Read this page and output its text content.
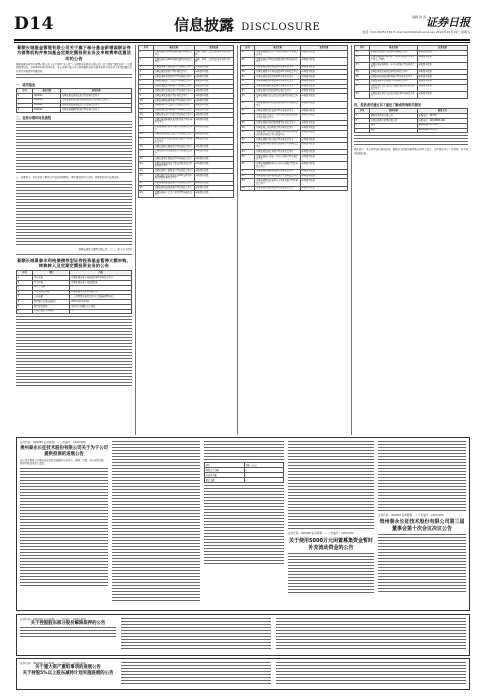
D14	信息披露 DISCLOSURE
编辑 孙 涛 证券日报
电话: 010-83251716 E-mail:zqrb9@zqrb.sina.net 2022年10月14日 星期五
景顺长城基金管理有限公司关于旗下部分基金新增国联证券为销售机构并参加基金定期定额投资业务及申购费率优惠活动的公告
根据景顺长城基金管理有限公司（以下简称“本公司”）与国联证券股份有限公司（以下简称“国联证券”）签署的销售协议，自2022年10月14日起，本公司旗下部分基金新增国联证券为销售机构并参加基金定期定额投资业务及申购费率优惠活动。
一、适用基金
序号	基金代码	基金名称
1	000000	景顺长城品质成长混合型证券投资基金
2	000000	景顺长城价值边际灵活配置混合型证券投资基金
3	000000	景顺长城优质成长股票型证券投资基金
4	000000	景顺长城稳健回报混合型证券投资基金
二、业务办理时间及流程
三、重要提示：投资者欲了解基金产品的详细情况，请仔细阅读基金合同、招募说明书等法律文件。
景顺长城基金管理有限公司 二〇二二年十月十四日
景顺长城景泰丰利纯债债券型证券投资基金暂停大额申购、转换转入及定期定额投资业务的公告
序号	项目	内容
1	基金名称	景顺长城景泰丰利纯债债券型证券投资基金
2	基金简称	景顺长城景泰丰利纯债债券
3	基金主代码	—
4	基金管理人名称	景顺长城基金管理有限公司
5	公告依据	《公开募集证券投资基金信息披露管理办法》
6	暂停相关业务的起始日	2022年10月14日
7	暂停原因说明	保护基金份额持有人利益
8	其他需要提示的事项	—
序号	基金名称	业务安排
1	景顺长城沪深300指数增强型证券投资基金	申购、赎回、定投及转换业务正常办理
2	景顺长城中证500指数增强型证券投资基金	申购、赎回、定投及转换业务正常办理
3	景顺长城新兴成长混合型证券投资基金	申购费率优惠
4	景顺长城鼎益混合型证券投资基金	申购费率优惠
5	景顺长城环保优势股票型证券投资基金	申购费率优惠
6	景顺长城成长之星股票型证券投资基金	申购费率优惠
7	景顺长城能源基建混合型证券投资基金	申购费率优惠
8	景顺长城内需增长混合型证券投资基金	申购费率优惠
9	景顺长城优选混合型证券投资基金	申购费率优惠
10	景顺长城精选蓝筹混合型证券投资基金	申购费率优惠
11	景顺长城中小盘混合型证券投资基金	申购费率优惠
12	景顺长城资源垄断混合型证券投资基金	申购费率优惠
13	景顺长城支柱产业混合型证券投资基金	申购费率优惠
14	景顺长城策略精选灵活配置混合型证券投资基金	申购费率优惠
15	景顺长城核心竞争力混合型证券投资基金	申购费率优惠
16	景顺长城品质投资混合型证券投资基金	申购费率优惠
17	景顺长城中国回报灵活配置混合型证券投资基金	申购费率优惠
18	景顺长城研究精选股票型证券投资基金	申购费率优惠
19	景顺长城沪港深精选股票型证券投资基金	申购费率优惠
20	景顺长城量化精选股票型证券投资基金	申购费率优惠
21	景顺长城低碳科技主题灵活配置混合型证券投资基金	申购费率优惠
22	景顺长城医疗健康混合型证券投资基金	申购费率优惠
23	景顺长城中证红利低波动100交易型开放式指数证券投资基金	申购费率优惠
24	景顺长城创新成长混合型证券投资基金	申购费率优惠
25	景顺长城科技创新混合型证券投资基金	申购费率优惠
26	景顺长城电子信息产业股票型证券投资基金	申购费率优惠
序号	基金名称	业务安排
27	景顺长城成长龙头一年持有期混合型证券投资基金	申购费率优惠
28	景顺长城安享回报灵活配置混合型证券投资基金	申购费率优惠
29	景顺长城景颐双利债券型证券投资基金	申购费率优惠
30	景顺长城四季金利纯债债券型证券投资基金	申购费率优惠
31	景顺长城景盛双息债券型证券投资基金	申购费率优惠
32	景顺长城稳定收益债券型证券投资基金	申购费率优惠
33	景顺长城景颐宏利债券型证券投资基金	申购费率优惠
34	景顺长城中短债债券型证券投资基金	申购费率优惠
35	景顺长城鑫月薪定期支付债券型证券投资基金	申购费率优惠
36	景顺长城泰安回报灵活配置混合型证券投资基金	申购费率优惠
37	景顺长城绩优成长混合型证券投资基金	申购费率优惠
38	景顺长城价值稳进三年定期开放灵活配置混合型证券投资基金	申购费率优惠
39	景顺长城创业板指数增强型证券投资基金	申购费率优惠
40	景顺长城公司治理混合型证券投资基金	申购费率优惠
41	景顺长城中证科技传媒通信150交易型开放式指数证券投资基金联接基金	申购费率优惠
42	景顺长城数字经济混合型证券投资基金	申购费率优惠
43	景顺长城专精特新量化优选股票型证券投资基金	申购费率优惠
44	景顺长城品质长青混合型证券投资基金	申购费率优惠
45	景顺长城核心优选一年持有期混合型证券投资基金	申购费率优惠
46	景顺长城稳健增利六个月持有期混合型证券投资基金	申购费率优惠
47	景顺长城景泰纯利债券型证券投资基金	申购费率优惠
48	景顺长城景瑞睿利回报混合型证券投资基金	申购费率优惠
49	景顺长城集英成长两年定期开放混合型证券投资基金	申购费率优惠
50	景顺长城景瑞双利债券型证券投资基金	申购费率优惠
序号	基金名称	业务安排
51	景顺长城景颐丰利债券型证券投资基金	申购费率优惠
52	景顺长城稳健养老目标三年持有期混合型基金中基金（FOF）	申购费率优惠
53	景顺长城安鑫回报一年持有期混合型证券投资基金	申购费率优惠
54	景顺长城双息收益债券型证券投资基金	申购费率优惠
55	景顺长城睿成灵活配置混合型证券投资基金	申购费率优惠
56	景顺长城竞争优势混合型证券投资基金	申购费率优惠
57	景顺长城中证沪港深红利成长低波动指数证券投资基金	申购费率优惠
58	景顺长城景泰汇利定期开放债券型证券投资基金	申购费率优惠
四、投资者可通过以下途径了解或咨询相关情况
序号	机构名称	联系方式
1	国联证券股份有限公司	客服电话：95570
2	景顺长城基金管理有限公司	客服电话：400-8888-606
3	网站	www.igwfmc.com
4	网站	www.glsc.com.cn
风险提示：本公司承诺以诚实信用、勤勉尽责的原则管理和运用基金资产，但不保证基金一定盈利，也不保证最低收益。
证券代码：000000 证券简称：— 公告编号：2022-000
贵州泰永长征技术股份有限公司关于为子公司提供担保的进展公告
本公司及董事会全体成员保证信息披露的内容真实、准确、完整，没有虚假记载、误导性陈述或重大遗漏。
项目	金额（万元）
募集资金总额	—
已使用金额	—
剩余金额	—
证券代码：000000 证券简称：— 公告编号：2022-000
关于使用5000万元闲置募集资金暂时补充流动资金的公告
证券代码：000000 证券简称：— 公告编号：2022-000
贵州泰永长征技术股份有限公司第三届董事会第十次会议决议公告
证券代码：000000 证券简称：— 公告编号：2022-000
关于控股股东部分股份解除质押的公告
证券代码：000000 证券简称：— 公告编号：2022-000
关于重大资产重组事项的进展公告
关于持股5%以上股东减持计划实施进展的公告
